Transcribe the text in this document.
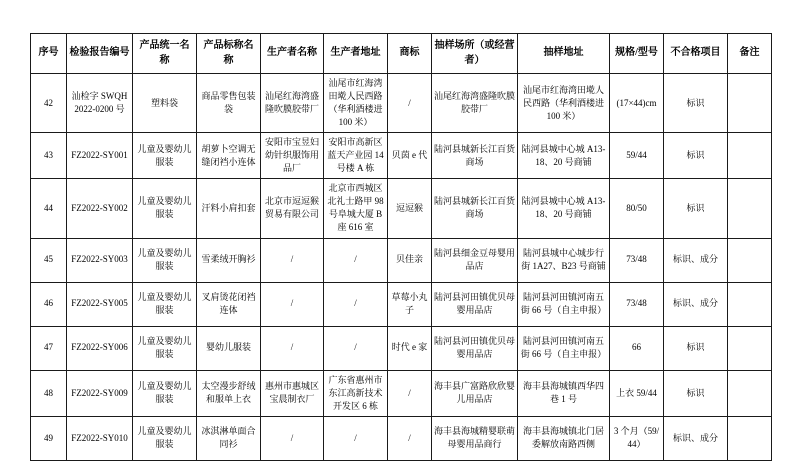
序号	检验报告编号	产品统一名称	产品标称名称	生产者名称	生产者地址	商标	抽样场所（或经营者）	抽样地址	规格/型号	不合格项目	备注
42	汕检字 SWQH 2022-0200 号	塑料袋	商品零售包装袋	汕尾红海湾盛隆吹膜胶带厂	汕尾市红海湾田墘人民西路（华利酒楼进 100 米）	/	汕尾红海湾盛隆吹膜胶带厂	汕尾市红海湾田墘人民西路（华利酒楼进 100 米）	(17×44)cm	标识	
43	FZ2022-SY001	儿童及婴幼儿服装	胡萝卜空调无缝闭裆小连体	安阳市宝昱妇幼针织服饰用品厂	安阳市高新区蓝天产业园 14 号楼 A 栋	贝茵 e 代	陆河县城新长江百货商场	陆河县城中心城 A13-18、20 号商铺	59/44	标识	
44	FZ2022-SY002	儿童及婴幼儿服装	汗料小肩扣套	北京市逗逗猴贸易有限公司	北京市西城区北礼士路甲 98 号阜城大厦 B 座 616 室	逗逗猴	陆河县城新长江百货商场	陆河县城中心城 A13-18、20 号商铺	80/50	标识	
45	FZ2022-SY003	儿童及婴幼儿服装	雪柔绒开胸衫	/	/	贝佳亲	陆河县细金豆母婴用品店	陆河县城中心城步行街 1A27、B23 号商铺	73/48	标识、成分	
46	FZ2022-SY005	儿童及婴幼儿服装	叉肩烫花闭裆连体	/	/	草莓小丸子	陆河县河田镇优贝母婴用品店	陆河县河田镇河南五街 66 号（自主申报）	73/48	标识、成分	
47	FZ2022-SY006	儿童及婴幼儿服装	婴幼儿服装	/	/	时代 e 家	陆河县河田镇优贝母婴用品店	陆河县河田镇河南五街 66 号（自主申报）	66	标识	
48	FZ2022-SY009	儿童及婴幼儿服装	太空漫步舒绒和服单上衣	惠州市惠城区宝晨制衣厂	广东省惠州市东江高新技术开发区 6 栋	/	海丰县广富路欣欣婴儿用品店	海丰县海城镇西华四巷 1 号	上衣 59/44	标识	
49	FZ2022-SY010	儿童及婴幼儿服装	冰淇淋单面合同衫	/	/	/	海丰县海城精婴联萌母婴用品商行	海丰县海城镇北门居委解放南路西侧	3 个月（59/44）	标识、成分	
